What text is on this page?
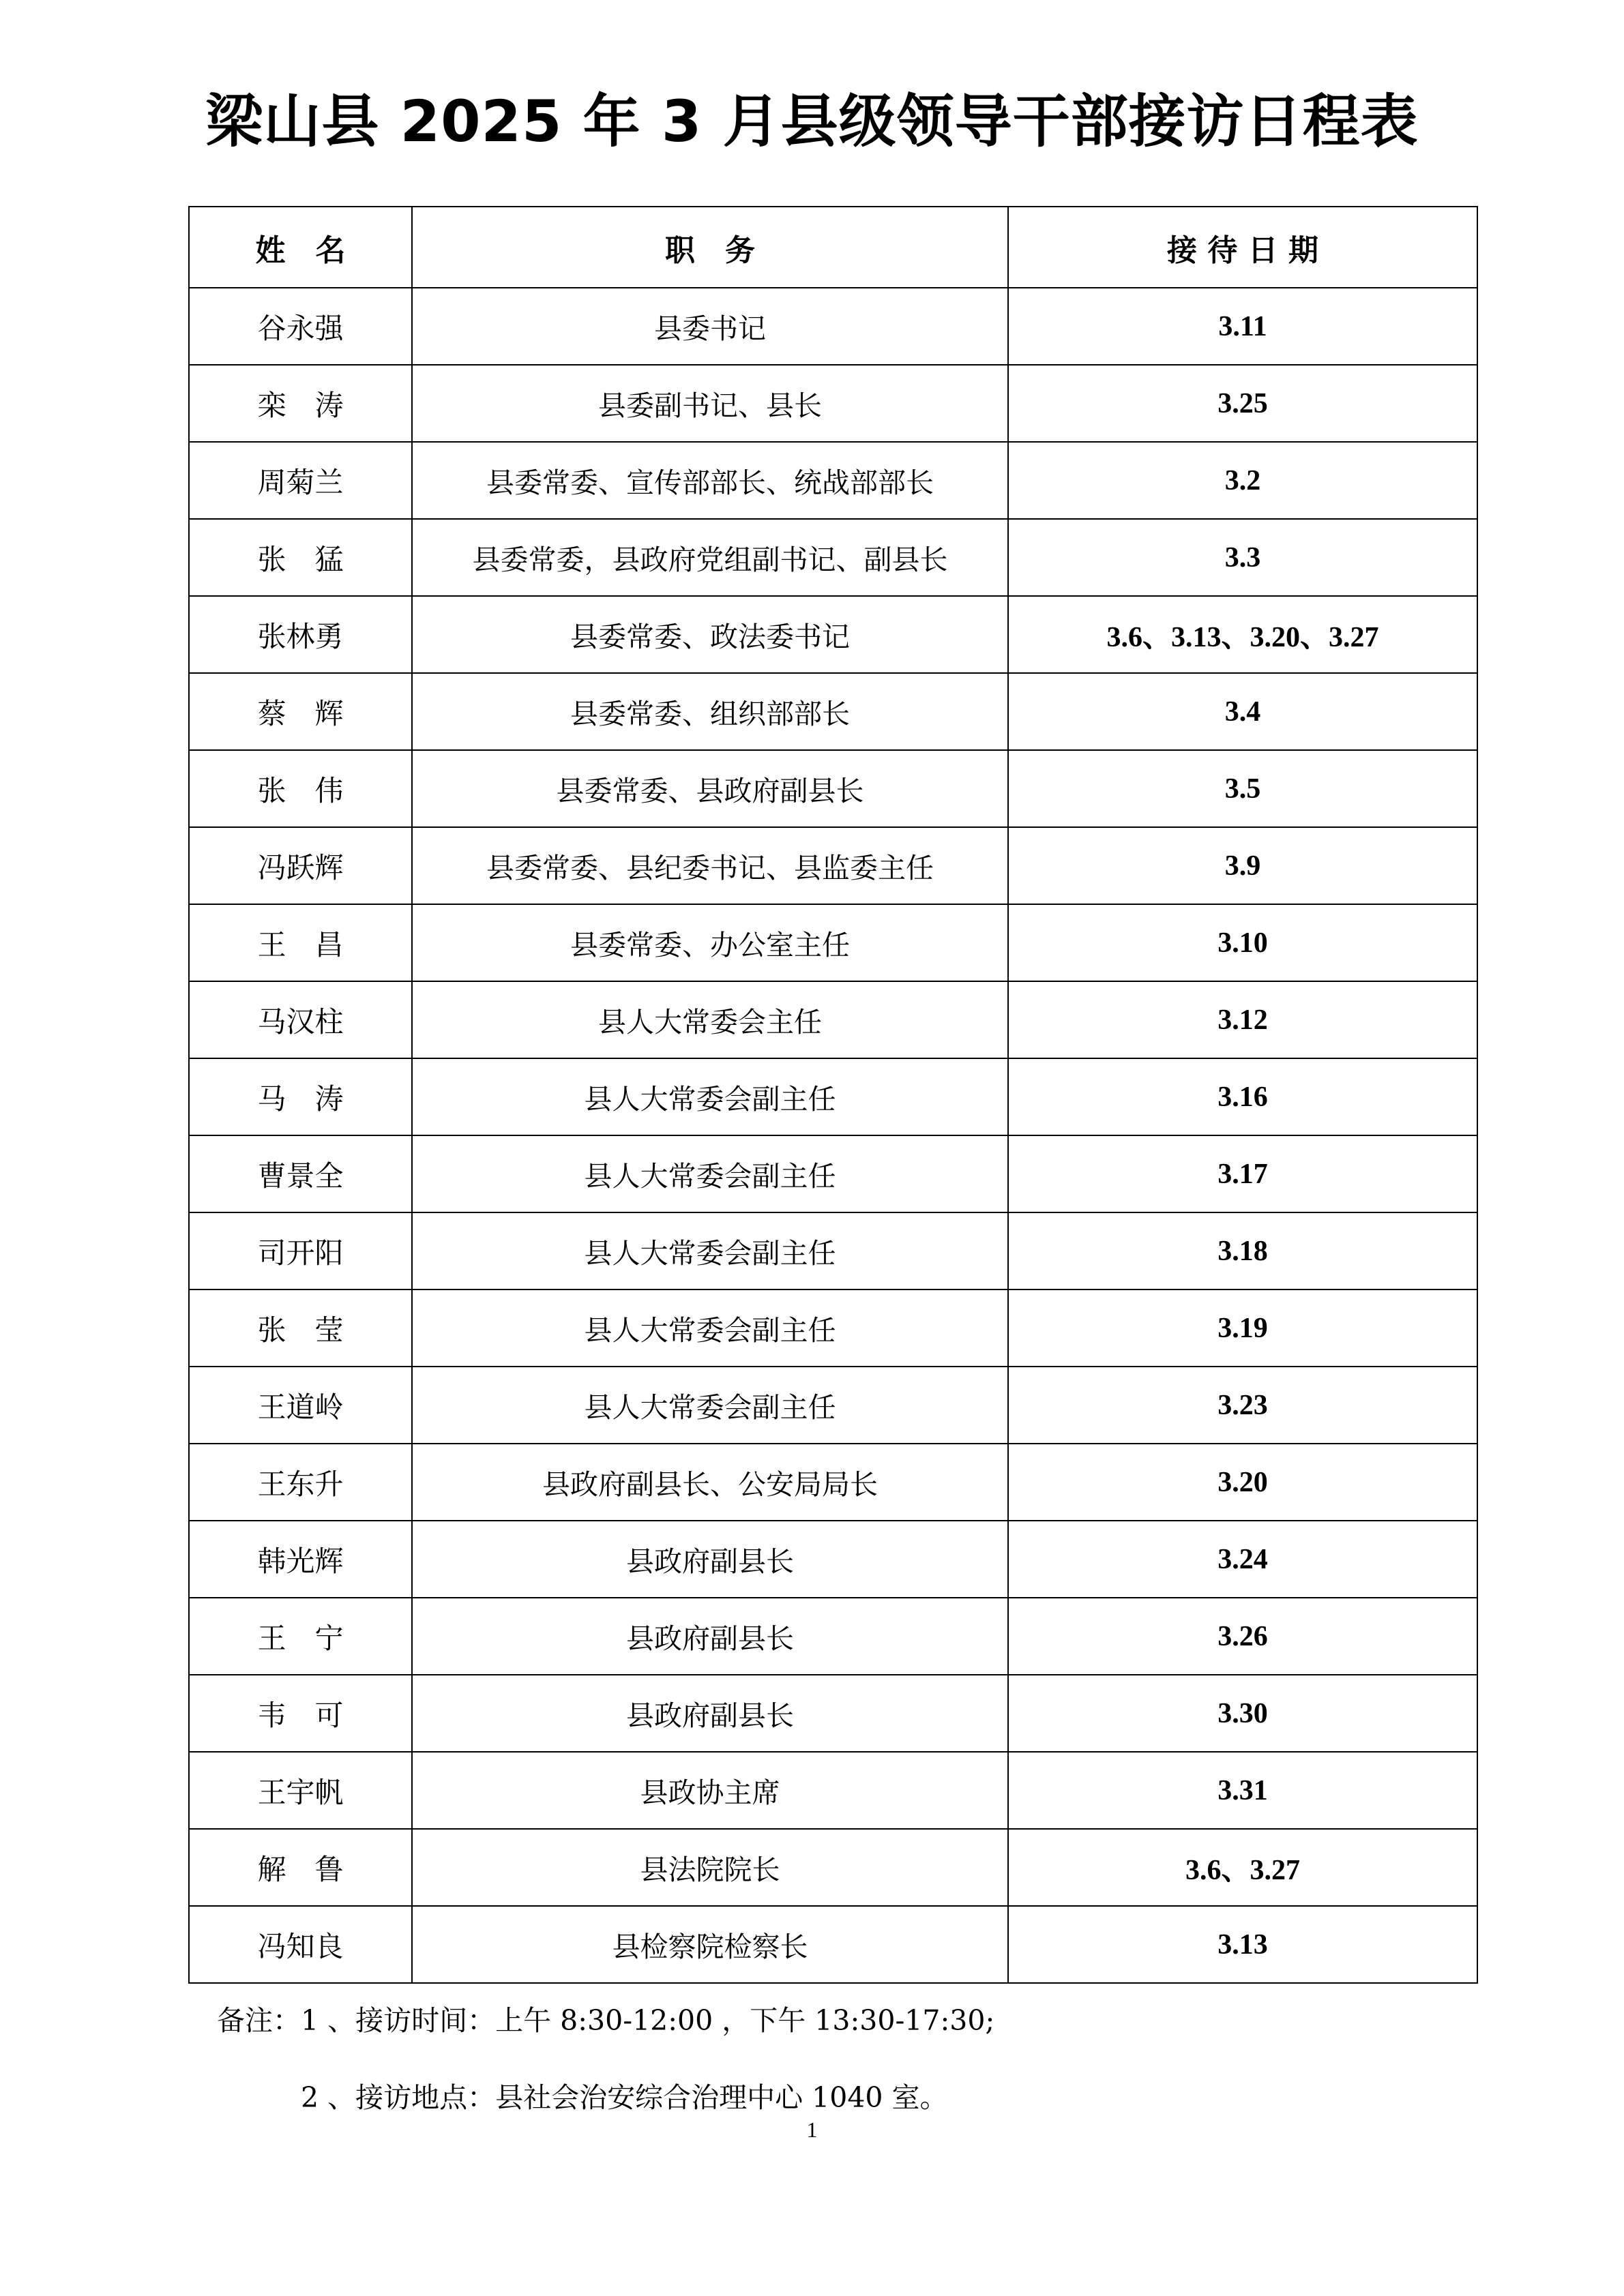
梁山县 2025 年 3 月县级领导干部接访日程表
姓　名	职　务	接 待 日 期
谷永强	县委书记	3.11
栾　涛	县委副书记、县长	3.25
周菊兰	县委常委、宣传部部长、统战部部长	3.2
张　猛	县委常委，县政府党组副书记、副县长	3.3
张林勇	县委常委、政法委书记	3.6、3.13、3.20、3.27
蔡　辉	县委常委、组织部部长	3.4
张　伟	县委常委、县政府副县长	3.5
冯跃辉	县委常委、县纪委书记、县监委主任	3.9
王　昌	县委常委、办公室主任	3.10
马汉柱	县人大常委会主任	3.12
马　涛	县人大常委会副主任	3.16
曹景全	县人大常委会副主任	3.17
司开阳	县人大常委会副主任	3.18
张　莹	县人大常委会副主任	3.19
王道岭	县人大常委会副主任	3.23
王东升	县政府副县长、公安局局长	3.20
韩光辉	县政府副县长	3.24
王　宁	县政府副县长	3.26
韦　可	县政府副县长	3.30
王宇帆	县政协主席	3.31
解　鲁	县法院院长	3.6、3.27
冯知良	县检察院检察长	3.13

备注：1 、接访时间：上午 8:30-12:00 ，下午 13:30-17:30;

2 、接访地点：县社会治安综合治理中心 1040 室。

1
